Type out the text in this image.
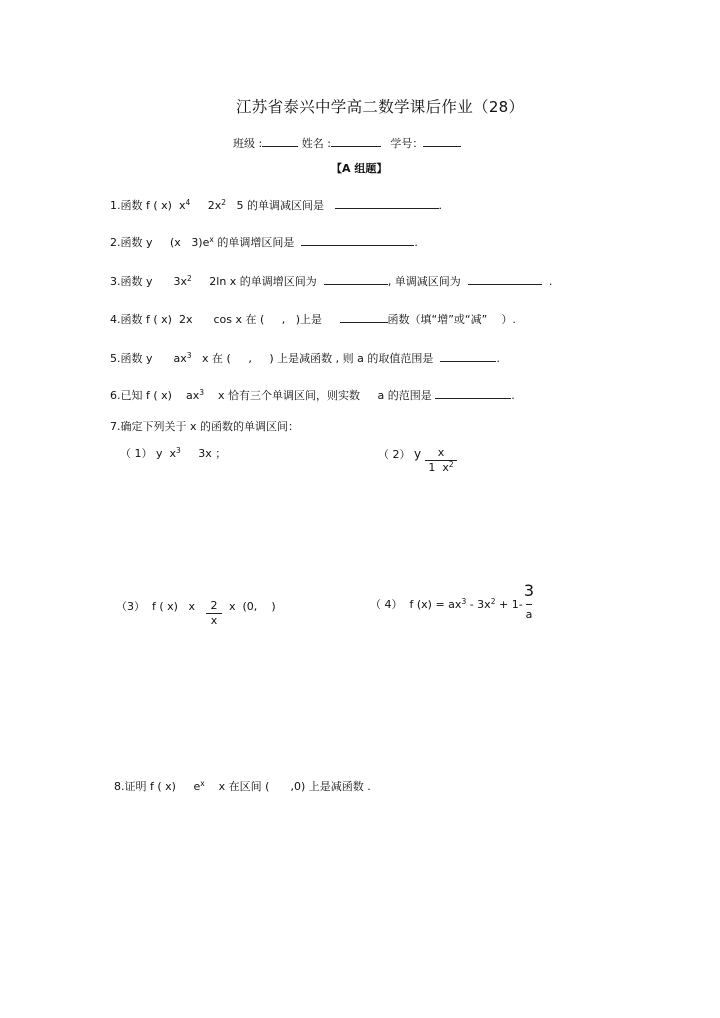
江苏省泰兴中学高二数学课后作业（28）
班级 :	姓名 :	学号：
【A 组题】
1.函数 f ( x) $x^4$ $2x^2$ 5 的单调减区间是	.
2.函数 y (x $3)e^x$ 的单调增区间是	.
3.函数 y $3x^2$ 2ln x 的单调增区间为	, 单调减区间为	.
4.函数 f ( x) 2x cos x 在 ( , )上是	函数（填“增”或“减” ）.
5.函数 y $ax^3$ x 在 ( , ) 上是减函数 , 则 a 的取值范围是	.
6.已知 f ( x) $ax^3$ x 恰有三个单调区间，则实数 a 的范围是	.
7.确定下列关于 x 的函数的单调区间：
（ 1） y $x^3$ 3x ；	（ 2） y	x
1 $x^2$
（3） f ( x) x	2
x
x (0, )	（ 4） f $(x) = ax^3 - 3x^2 + 1-$
3
a
8.证明 f ( x) $e^x$ x 在区间 ( ,0) 上是减函数 .
